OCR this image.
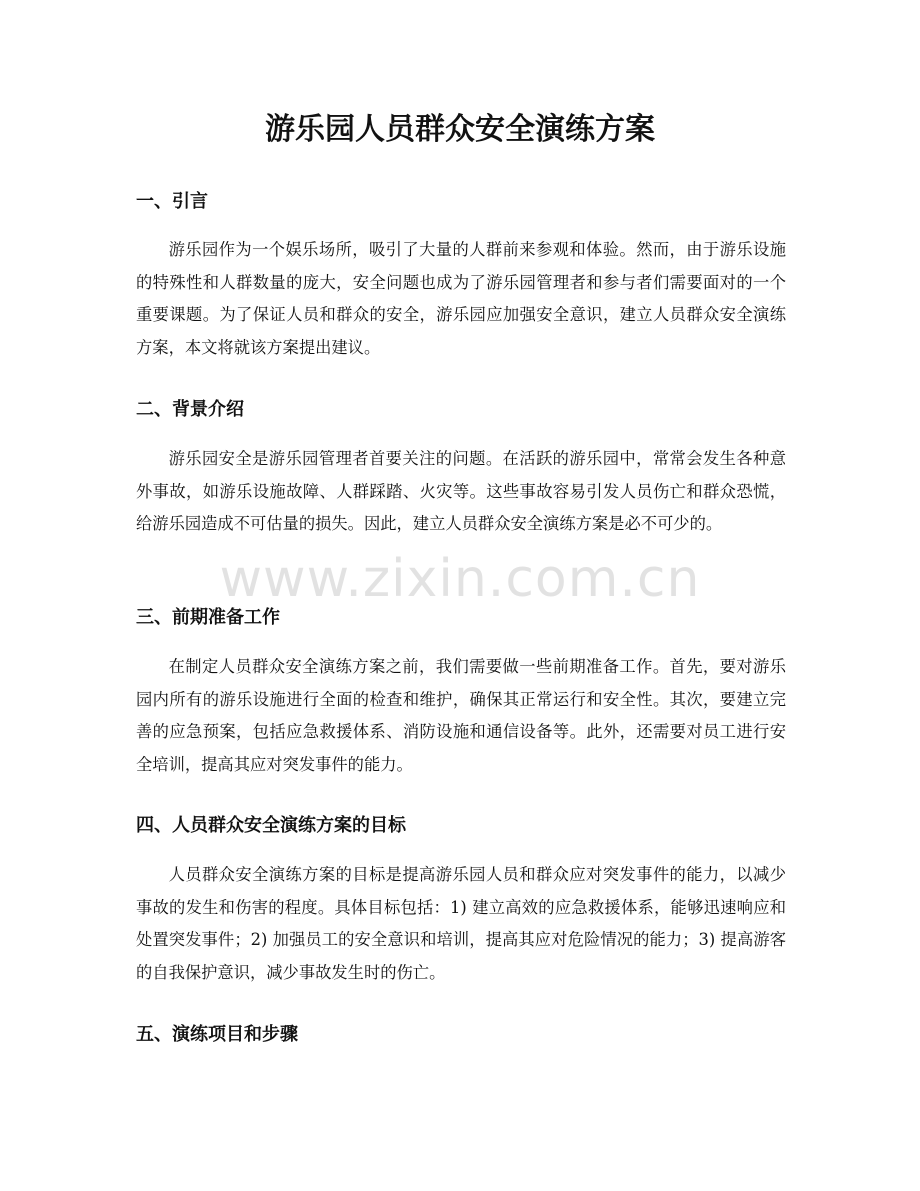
游乐园人员群众安全演练方案
一、引言

游乐园作为一个娱乐场所，吸引了大量的人群前来参观和体验。然而，由于游乐设施的特殊性和人群数量的庞大，安全问题也成为了游乐园管理者和参与者们需要面对的一个重要课题。为了保证人员和群众的安全，游乐园应加强安全意识，建立人员群众安全演练方案，本文将就该方案提出建议。

二、背景介绍

游乐园安全是游乐园管理者首要关注的问题。在活跃的游乐园中，常常会发生各种意外事故，如游乐设施故障、人群踩踏、火灾等。这些事故容易引发人员伤亡和群众恐慌，给游乐园造成不可估量的损失。因此，建立人员群众安全演练方案是必不可少的。

三、前期准备工作

在制定人员群众安全演练方案之前，我们需要做一些前期准备工作。首先，要对游乐园内所有的游乐设施进行全面的检查和维护，确保其正常运行和安全性。其次，要建立完善的应急预案，包括应急救援体系、消防设施和通信设备等。此外，还需要对员工进行安全培训，提高其应对突发事件的能力。

四、人员群众安全演练方案的目标

人员群众安全演练方案的目标是提高游乐园人员和群众应对突发事件的能力，以减少事故的发生和伤害的程度。具体目标包括：1) 建立高效的应急救援体系，能够迅速响应和处置突发事件；2) 加强员工的安全意识和培训，提高其应对危险情况的能力；3) 提高游客的自我保护意识，减少事故发生时的伤亡。

五、演练项目和步骤
www.zixin.com.cn
